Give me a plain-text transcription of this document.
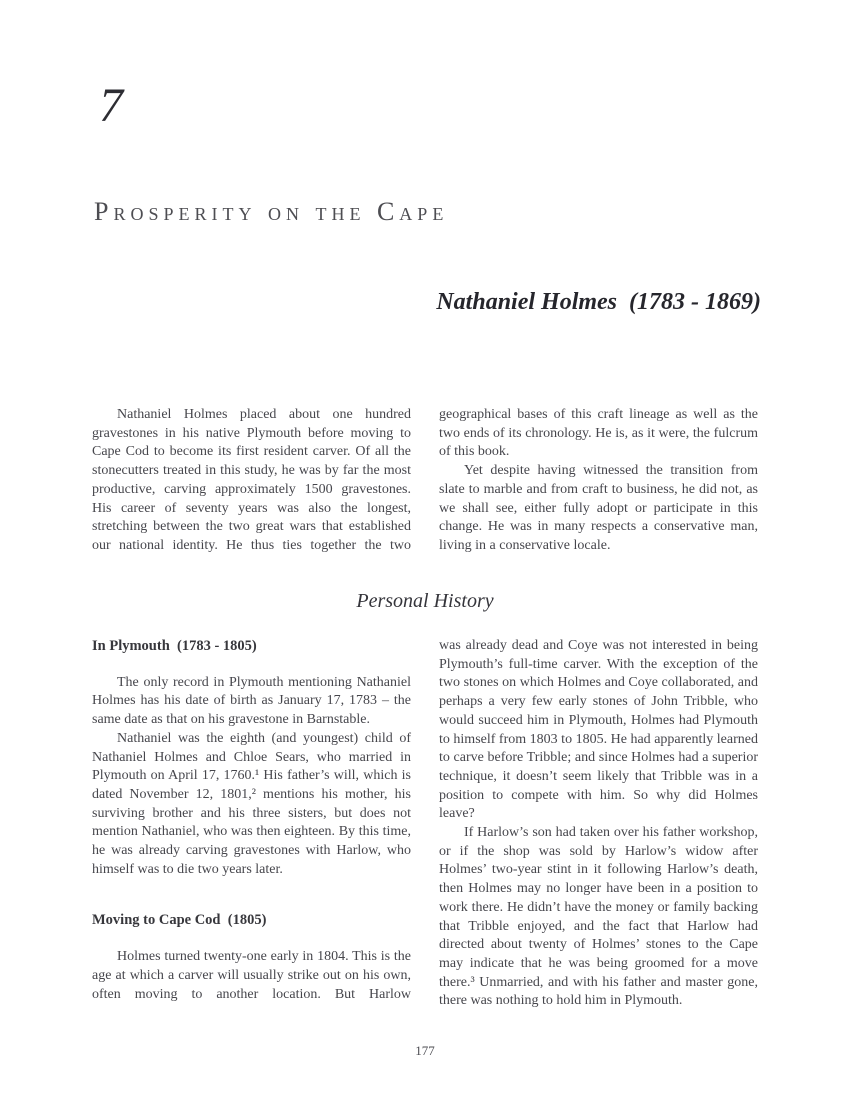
7
Prosperity on the Cape
Nathaniel Holmes  (1783 - 1869)
Nathaniel Holmes placed about one hundred gravestones in his native Plymouth before moving to Cape Cod to become its first resident carver. Of all the stonecutters treated in this study, he was by far the most productive, carving approximately 1500 gravestones. His career of seventy years was also the longest, stretching between the two great wars that established our national identity. He thus ties together the two
geographical bases of this craft lineage as well as the two ends of its chronology. He is, as it were, the fulcrum of this book.
Yet despite having witnessed the transition from slate to marble and from craft to business, he did not, as we shall see, either fully adopt or participate in this change. He was in many respects a conservative man, living in a conservative locale.
Personal History
In Plymouth  (1783 - 1805)
The only record in Plymouth mentioning Nathaniel Holmes has his date of birth as January 17, 1783 – the same date as that on his gravestone in Barnstable.
Nathaniel was the eighth (and youngest) child of Nathaniel Holmes and Chloe Sears, who married in Plymouth on April 17, 1760.¹ His father’s will, which is dated November 12, 1801,² mentions his mother, his surviving brother and his three sisters, but does not mention Nathaniel, who was then eighteen. By this time, he was already carving gravestones with Harlow, who himself was to die two years later.
Moving to Cape Cod  (1805)
Holmes turned twenty-one early in 1804. This is the age at which a carver will usually strike out on his own, often moving to another location. But Harlow
was already dead and Coye was not interested in being Plymouth’s full-time carver. With the exception of the two stones on which Holmes and Coye collaborated, and perhaps a very few early stones of John Tribble, who would succeed him in Plymouth, Holmes had Plymouth to himself from 1803 to 1805. He had apparently learned to carve before Tribble; and since Holmes had a superior technique, it doesn’t seem likely that Tribble was in a position to compete with him. So why did Holmes leave?
If Harlow’s son had taken over his father workshop, or if the shop was sold by Harlow’s widow after Holmes’ two-year stint in it following Harlow’s death, then Holmes may no longer have been in a position to work there. He didn’t have the money or family backing that Tribble enjoyed, and the fact that Harlow had directed about twenty of Holmes’ stones to the Cape may indicate that he was being groomed for a move there.³ Unmarried, and with his father and master gone, there was nothing to hold him in Plymouth.
177
